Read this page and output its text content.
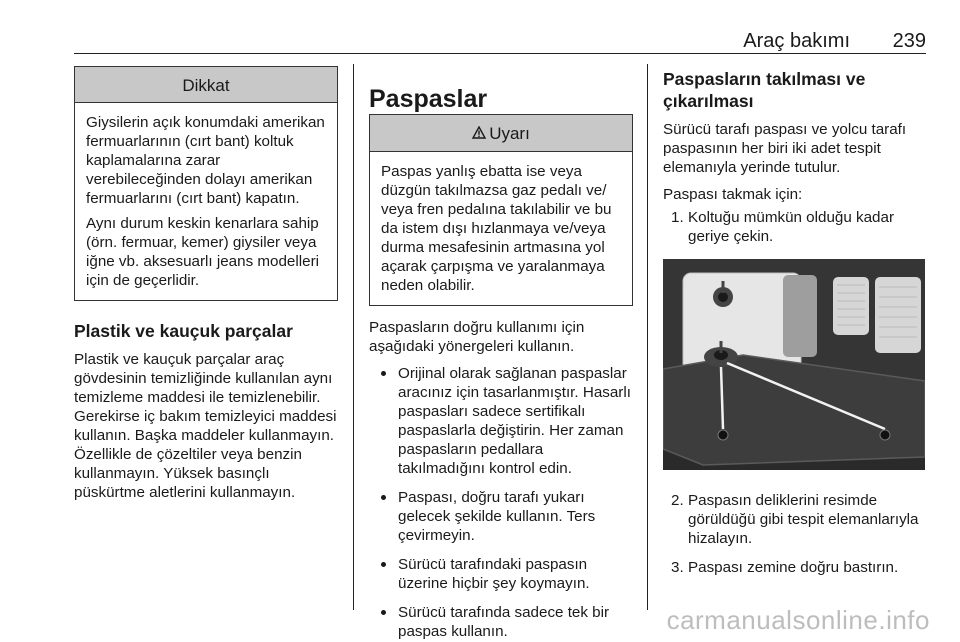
Araç bakımı 239
Dikkat

Giysilerin açık konumdaki amerikan fermuarlarının (cırt bant) koltuk kaplamalarına zarar verebileceğinden dolayı amerikan fermuarlarını (cırt bant) kapatın.

Aynı durum keskin kenarlara sahip (örn. fermuar, kemer) giysiler veya iğne vb. aksesuarlı jeans modelleri için de geçerlidir.

Plastik ve kauçuk parçalar

Plastik ve kauçuk parçalar araç gövdesinin temizliğinde kullanılan aynı temizleme maddesi ile temizlenebilir. Gerekirse iç bakım temizleyici maddesi kullanın. Başka maddeler kullanmayın. Özellikle de çözeltiler veya benzin kullanmayın. Yüksek basınçlı püskürtme aletlerini kullanmayın.

Paspaslar
Uyarı

Paspas yanlış ebatta ise veya düzgün takılmazsa gaz pedalı ve/ veya fren pedalına takılabilir ve bu da istem dışı hızlanmaya ve/veya durma mesafesinin artmasına yol açarak çarpışma ve yaralanmaya neden olabilir.

Paspasların doğru kullanımı için aşağıdaki yönergeleri kullanın.

Orijinal olarak sağlanan paspaslar aracınız için tasarlanmıştır. Hasarlı paspasları sadece sertifikalı paspaslarla değiştirin. Her zaman paspasların pedallara takılmadığını kontrol edin.

Paspası, doğru tarafı yukarı gelecek şekilde kullanın. Ters çevirmeyin.

Sürücü tarafındaki paspasın üzerine hiçbir şey koymayın.

Sürücü tarafında sadece tek bir paspas kullanın.

Paspasların takılması ve çıkarılması

Sürücü tarafı paspası ve yolcu tarafı paspasının her biri iki adet tespit elemanıyla yerinde tutulur.

Paspası takmak için:

1. Koltuğu mümkün olduğu kadar geriye çekin.
2. Paspasın deliklerini resimde görüldüğü gibi tespit elemanlarıyla hizalayın.
3. Paspası zemine doğru bastırın.
carmanualsonline.info
